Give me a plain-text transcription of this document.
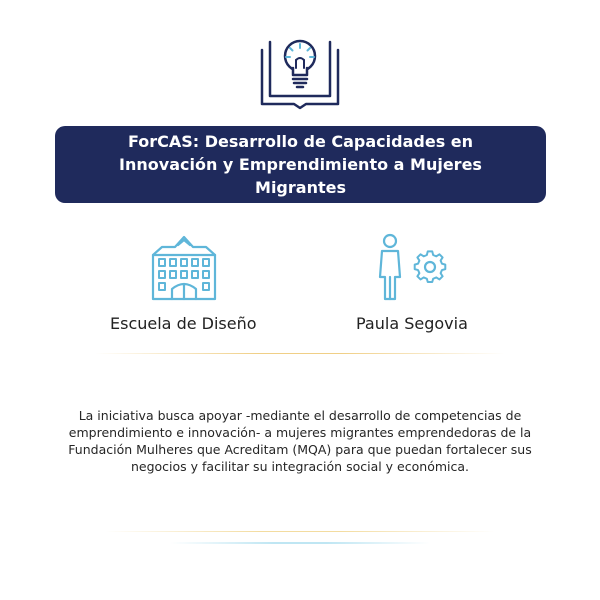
ForCAS: Desarrollo de Capacidades en Innovación y Emprendimiento a Mujeres Migrantes
Escuela de Diseño	Paula Segovia
La iniciativa busca apoyar -mediante el desarrollo de competencias de emprendimiento e innovación- a mujeres migrantes emprendedoras de la Fundación Mulheres que Acreditam (MQA) para que puedan fortalecer sus negocios y facilitar su integración social y económica.
